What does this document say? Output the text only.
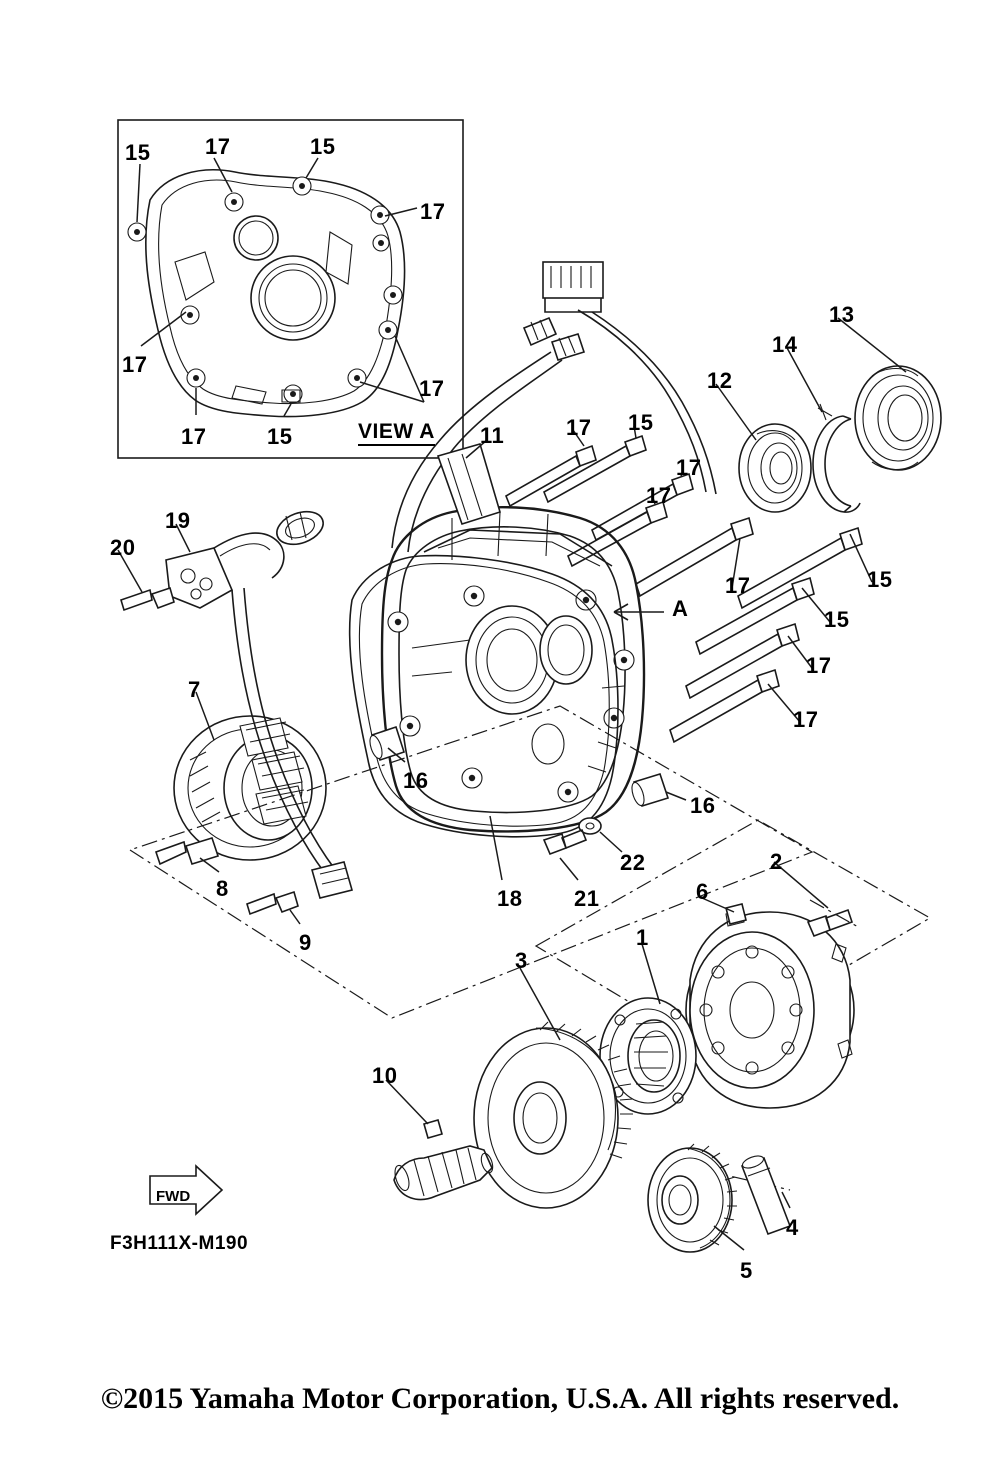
15 17	15
17
17
17	15
17
VIEW A
13
14
12
11	17 15
17
17
17	15
15
17
17
19
20
7
16
16
8
9
18 21
22	2
6
1
3
10
4
5
A
FWD
F3H111X-M190
©2015 Yamaha Motor Corporation, U.S.A. All rights reserved.
